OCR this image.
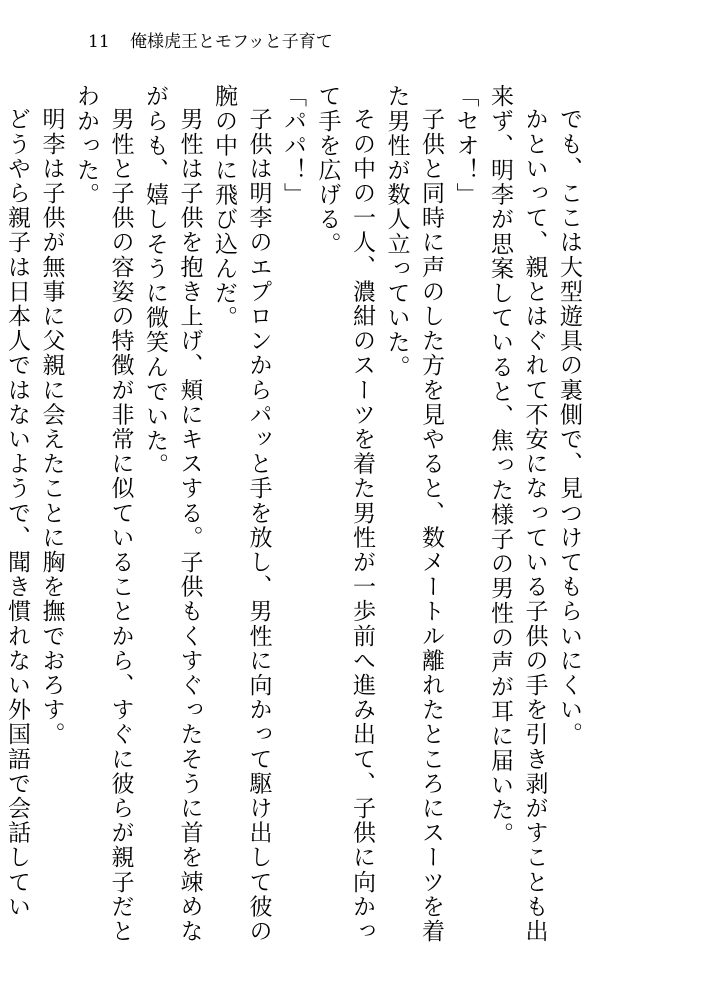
11 俺様虎王とモフッと子育て

でも、ここは大型遊具の裏側で、見つけてもらいにくい。

かといって、親とはぐれて不安になっている子供の手を引き剥がすことも出来ず、明李が思案していると、焦った様子の男性の声が耳に届いた。

「セオ！」

子供と同時に声のした方を見やると、数メートル離れたところにスーツを着た男性が数人立っていた。

その中の一人、濃紺のスーツを着た男性が一歩前へ進み出て、子供に向かって手を広げる。

「パパ！」

子供は明李のエプロンからパッと手を放し、男性に向かって駆け出して彼の腕の中に飛び込んだ。

男性は子供を抱き上げ、頬にキスする。子供もくすぐったそうに首を竦めながらも、嬉しそうに微笑んでいた。

男性と子供の容姿の特徴が非常に似ていることから、すぐに彼らが親子だとわかった。

明李は子供が無事に父親に会えたことに胸を撫でおろす。

どうやら親子は日本人ではないようで、聞き慣れない外国語で会話してい
